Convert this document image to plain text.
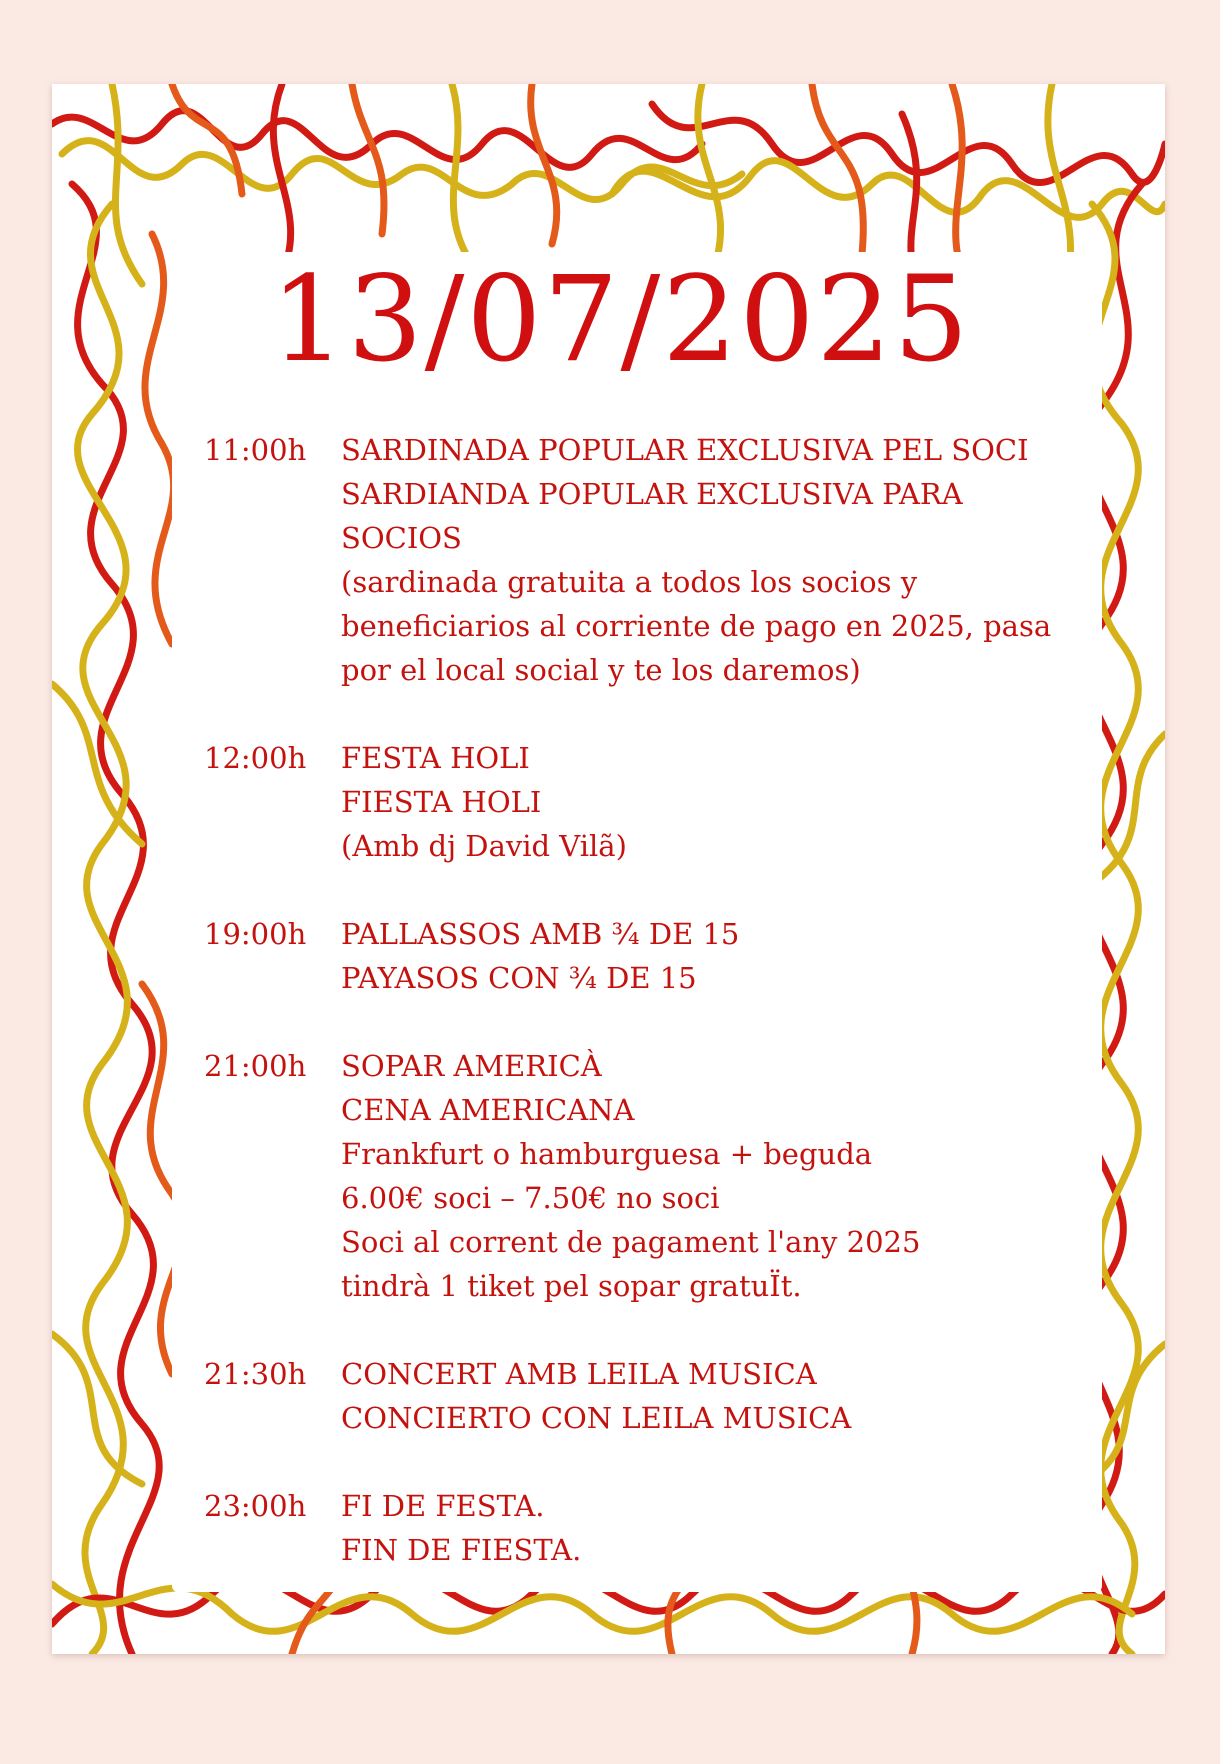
13/07/2025
11:00h	SARDINADA POPULAR EXCLUSIVA PEL SOCI
SARDIANDA POPULAR EXCLUSIVA PARA
SOCIOS
(sardinada gratuita a todos los socios y
beneficiarios al corriente de pago en 2025, pasa
por el local social y te los daremos)
12:00h	FESTA HOLI
FIESTA HOLI
(Amb dj David Vilã)
19:00h	PALLASSOS AMB ¾ DE 15
PAYASOS CON ¾ DE 15
21:00h	SOPAR AMERICÀ
CENA AMERICANA
Frankfurt o hamburguesa + beguda
6.00€ soci – 7.50€ no soci
Soci al corrent de pagament l'any 2025
tindrà 1 tiket pel sopar gratuÏt.
21:30h	CONCERT AMB LEILA MUSICA
CONCIERTO CON LEILA MUSICA
23:00h	FI DE FESTA.
FIN DE FIESTA.
